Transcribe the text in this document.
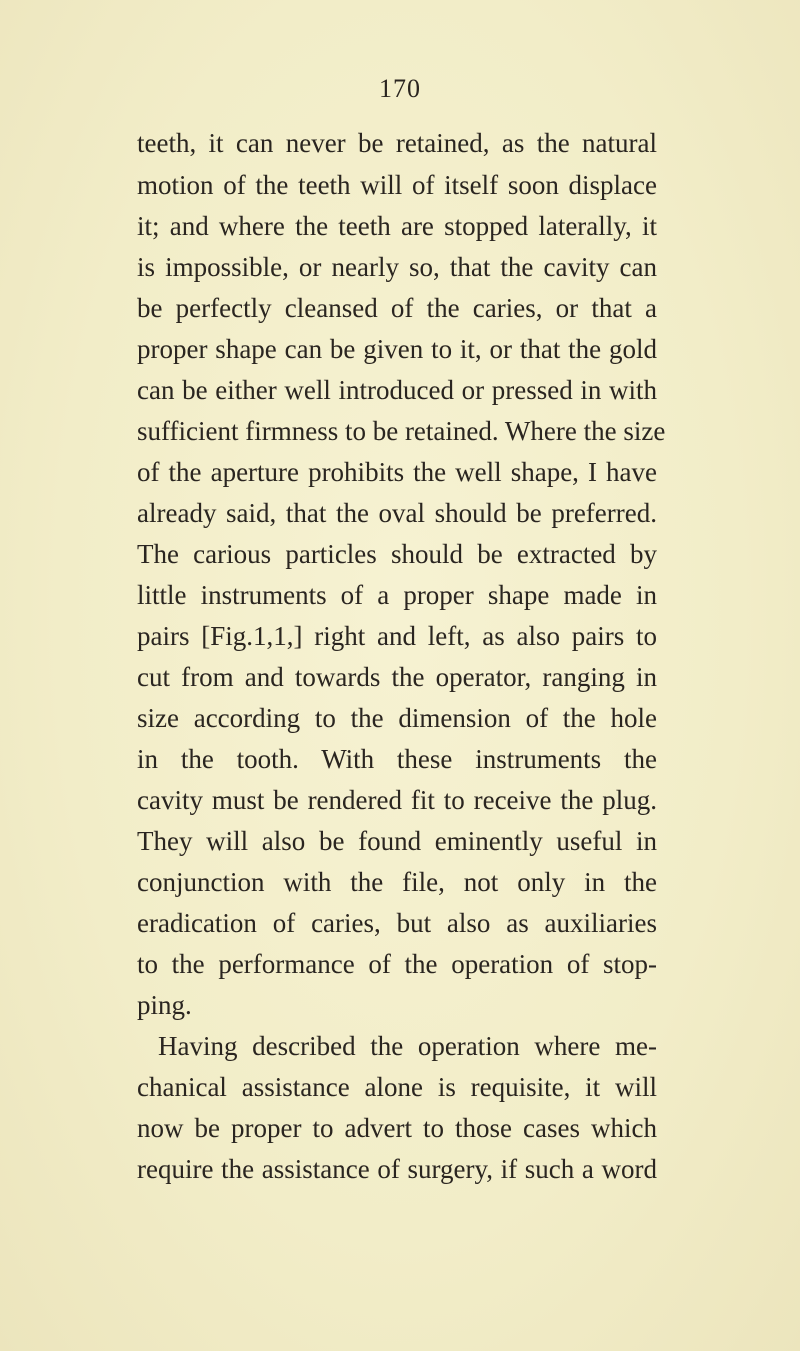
170
teeth, it can never be retained, as the natural
motion of the teeth will of itself soon displace
it; and where the teeth are stopped laterally, it
is impossible, or nearly so, that the cavity can
be perfectly cleansed of the caries, or that a
proper shape can be given to it, or that the gold
can be either well introduced or pressed in with
sufficient firmness to be retained. Where the size
of the aperture prohibits the well shape, I have
already said, that the oval should be preferred.
The carious particles should be extracted by
little instruments of a proper shape made in
pairs [Fig.1,1,] right and left, as also pairs to
cut from and towards the operator, ranging in
size according to the dimension of the hole
in the tooth. With these instruments the
cavity must be rendered fit to receive the plug.
They will also be found eminently useful in
conjunction with the file, not only in the
eradication of caries, but also as auxiliaries
to the performance of the operation of stop-
ping.
Having described the operation where me-
chanical assistance alone is requisite, it will
now be proper to advert to those cases which
require the assistance of surgery, if such a word
